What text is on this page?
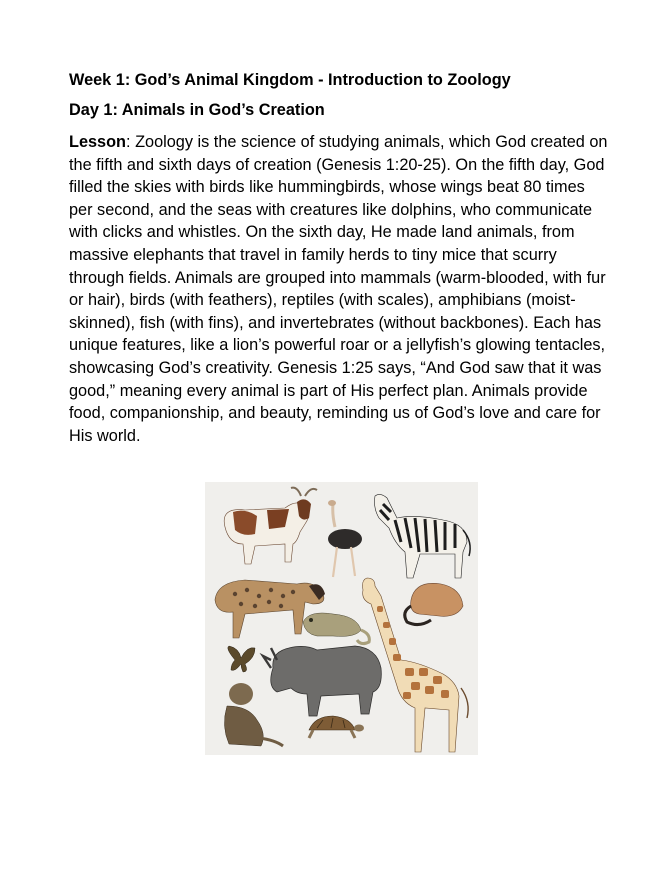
Week 1: God’s Animal Kingdom - Introduction to Zoology
Day 1: Animals in God’s Creation
Lesson: Zoology is the science of studying animals, which God created on the fifth and sixth days of creation (Genesis 1:20-25). On the fifth day, God filled the skies with birds like hummingbirds, whose wings beat 80 times per second, and the seas with creatures like dolphins, who communicate with clicks and whistles. On the sixth day, He made land animals, from massive elephants that travel in family herds to tiny mice that scurry through fields. Animals are grouped into mammals (warm-blooded, with fur or hair), birds (with feathers), reptiles (with scales), amphibians (moist-skinned), fish (with fins), and invertebrates (without backbones). Each has unique features, like a lion’s powerful roar or a jellyfish’s glowing tentacles, showcasing God’s creativity. Genesis 1:25 says, “And God saw that it was good,” meaning every animal is part of His perfect plan. Animals provide food, companionship, and beauty, reminding us of God’s love and care for His world.
